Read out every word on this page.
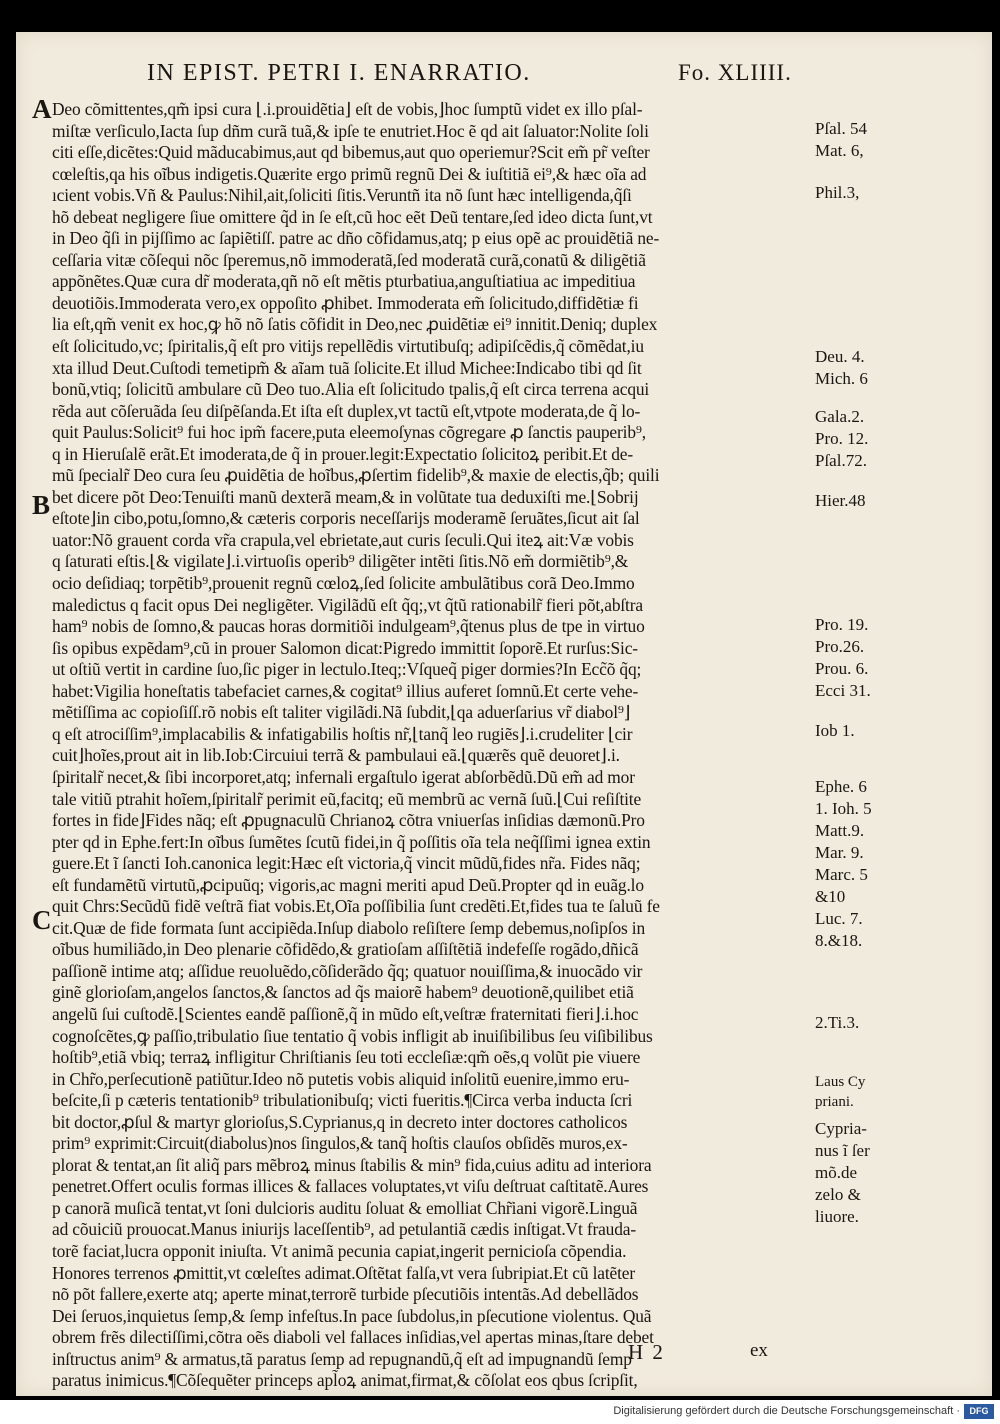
IN EPIST. PETRI I. ENARRATIO.	Fo. XLIIII.
A
B
C
Deo cõmittentes,qm̃ ipsi cura ⌊.i.prouidẽtia⌋ eſt de vobis,⌋hoc ſumptũ videt ex illo pſal-
miſtæ verſiculo,Iacta ſup dñm curã tuã,& ipſe te enutriet.Hoc ẽ qd ait ſaluator:Nolite ſoli
citi eſſe,dicẽtes:Quid mãducabimus,aut qd bibemus,aut quo operiemur?Scit em̃ pr̃ veſter
cœleſtis,qa his oĩbus indigetis.Quærite ergo primũ regnũ Dei & iuſtitiã ei⁹,& hæc oĩa ad
ıcient vobis.Vñ & Paulus:Nihil,ait,ſoliciti ſitis.Veruntñ ita nõ ſunt hæc intelligenda,q̃ſi
hõ debeat negligere ſiue omittere q̃d in ſe eſt,cũ hoc eẽt Deũ tentare,ſed ideo dicta ſunt,vt
in Deo q̃ſi in pijſſimo ac ſapiẽtiſſ. patre ac dño cõfidamus,atq; p eius opẽ ac prouidẽtiã ne-
ceſſaria vitæ cõſequi nõc ſperemus,nõ immoderatã,ſed moderatã curã,conatũ & diligẽtiã
appõnẽtes.Quæ cura dr̃ moderata,qñ nõ eſt mẽtis pturbatiua,anguſtiatiua ac impeditiua
deuotiõis.Immoderata vero,ex oppoſito ꝓhibet. Immoderata em̃ ſolicitudo,diffidẽtiæ fi
lia eſt,qm̃ venit ex hoc,ꝙ hõ nõ ſatis cõfidit in Deo,nec ꝓuidẽtiæ ei⁹ innitit.Deniq; duplex
eſt ſolicitudo,vc; ſpiritalis,q̃ eſt pro vitijs repellẽdis virtutibuſq; adipiſcẽdis,q̃ cõmẽdat,iu
xta illud Deut.Cuſtodi temetipm̃ & aĩam tuã ſolicite.Et illud Michee:Indicabo tibi qd ſit
bonũ,vtiq; ſolicitũ ambulare cũ Deo tuo.Alia eſt ſolicitudo tpalis,q̃ eſt circa terrena acqui
rẽda aut cõſeruãda ſeu diſpẽſanda.Et iſta eſt duplex,vt tactũ eſt,vtpote moderata,de q̃ lo-
quit Paulus:Solicit⁹ fui hoc ipm̃ facere,puta eleemoſynas cõgregare ꝓ ſanctis pauperib⁹,
q in Hieruſalẽ erãt.Et imoderata,de q̃ in prouer.legit:Expectatio ſolicitoꝝ peribit.Et de-
mũ ſpecialr̃ Deo cura ſeu ꝓuidẽtia de hoĩbus,ꝓſertim fidelib⁹,& maxie de electis,q̃b; quili
bet dicere põt Deo:Tenuiſti manũ dexterã meam,& in volũtate tua deduxiſti me.⌊Sobrij
eſtote⌋in cibo,potu,ſomno,& cæteris corporis neceſſarijs moderamẽ ſeruãtes,ſicut ait ſal
uator:Nõ grauent corda vr̃a crapula,vel ebrietate,aut curis ſeculi.Qui iteꝝ ait:Væ vobis
q ſaturati eſtis.⌊& vigilate⌋.i.virtuoſis operib⁹ diligẽter intẽti ſitis.Nõ em̃ dormiẽtib⁹,&
ocio deſidiaq; torpẽtib⁹,prouenit regnũ cœloꝝ,ſed ſolicite ambulãtibus corã Deo.Immo
maledictus q facit opus Dei negligẽter. Vigilãdũ eſt q̃q;,vt q̃tũ rationabilr̃ fieri põt,abſtra
ham⁹ nobis de ſomno,& paucas horas dormitiõi indulgeam⁹,q̃tenus plus de tpe in virtuo
ſis opibus expẽdam⁹,cũ in prouer Salomon dicat:Pigredo immittit ſoporẽ.Et rurſus:Sic-
ut oſtiũ vertit in cardine ſuo,ſic piger in lectulo.Iteq;:Vſqueq̃ piger dormies?In Ecc̃õ q̃q;
habet:Vigilia honeſtatis tabefaciet carnes,& cogitat⁹ illius auferet ſomnũ.Et certe vehe-
mẽtiſſima ac copioſiſſ.rõ nobis eſt taliter vigilãdi.Nã ſubdit,⌊qa aduerſarius vr̃ diabol⁹⌋
q eſt atrociſſim⁹,implacabilis & infatigabilis hoſtis nr̃,⌊tanq̃ leo rugiẽs⌋.i.crudeliter ⌊cir
cuit⌋hoĩes,prout ait in lib.Iob:Circuiui terrã & pambulaui eã.⌊quærẽs quẽ deuoret⌋.i.
ſpiritalr̃ necet,& ſibi incorporet,atq; infernali ergaſtulo igerat abſorbẽdũ.Dũ em̃ ad mor
tale vitiũ ptrahit hoĩem,ſpiritalr̃ perimit eũ,facitq; eũ membrũ ac vernã ſuũ.⌊Cui reſiſtite
fortes in fide⌋Fides nãq; eſt ꝓpugnaculũ Chrianoꝝ cõtra vniuerſas inſidias dæmonũ.Pro
pter qd in Ephe.fert:In oĩbus ſumẽtes ſcutũ fidei,in q̃ poſſitis oĩa tela neq̃ſſimi ignea extin
guere.Et ĩ ſancti Ioh.canonica legit:Hæc eſt victoria,q̃ vincit mũdũ,fides nr̃a. Fides nãq;
eſt fundamẽtũ virtutũ,ꝓcipuũq; vigoris,ac magni meriti apud Deũ.Propter qd in euãg.lo
quit Chrs:Secũdũ fidẽ veſtrã fiat vobis.Et,Oĩa poſſibilia ſunt credẽti.Et,fides tua te ſaluũ fe
cit.Quæ de fide formata ſunt accipiẽda.Inſup diabolo reſiſtere ſemp debemus,noſipſos in
oĩbus humiliãdo,in Deo plenarie cõfidẽdo,& gratioſam aſſiſtẽtiã indefeſſe rogãdo,dñicã
paſſionẽ intime atq; aſſidue reuoluẽdo,cõſiderãdo q̃q; quatuor nouiſſima,& inuocãdo vir
ginẽ glorioſam,angelos ſanctos,& ſanctos ad q̃s maiorẽ habem⁹ deuotionẽ,quilibet etiã
angelũ ſui cuſtodẽ.⌊Scientes eandẽ paſſionẽ,q̃ in mũdo eſt,veſtræ fraternitati fieri⌋.i.hoc
cognoſcẽtes,ꝙ paſſio,tribulatio ſiue tentatio q̃ vobis infligit ab inuiſibilibus ſeu viſibilibus
hoſtib⁹,etiã vbiq; terraꝝ infligitur Chriſtianis ſeu toti eccleſiæ:qm̃ oẽs,q volũt pie viuere
in Chr̃o,perſecutionẽ patiũtur.Ideo nõ putetis vobis aliquid inſolitũ euenire,immo eru-
beſcite,ſi p cæteris tentationib⁹ tribulationibuſq; victi fueritis.¶Circa verba inducta ſcri
bit doctor,ꝓſul & martyr glorioſus,S.Cyprianus,q in decreto inter doctores catholicos
prim⁹ exprimit:Circuit(diabolus)nos ſingulos,& tanq̃ hoſtis clauſos obſidẽs muros,ex-
plorat & tentat,an ſit aliq̃ pars mẽbroꝝ minus ſtabilis & min⁹ fida,cuius aditu ad interiora
penetret.Offert oculis formas illices & fallaces voluptates,vt viſu deſtruat caſtitatẽ.Aures
p canorã muſicã tentat,vt ſoni dulcioris auditu ſoluat & emolliat Chr̃iani vigorẽ.Linguã
ad cõuiciũ prouocat.Manus iniurijs laceſſentib⁹, ad petulantiã cædis inſtigat.Vt frauda-
torẽ faciat,lucra opponit iniuſta. Vt animã pecunia capiat,ingerit pernicioſa cõpendia.
Honores terrenos ꝓmittit,vt cœleſtes adimat.Oſtẽtat falſa,vt vera ſubripiat.Et cũ latẽter
nõ põt fallere,exerte atq; aperte minat,terrorẽ turbide pſecutiõis intentãs.Ad debellãdos
Dei ſeruos,inquietus ſemp,& ſemp infeſtus.In pace ſubdolus,in pſecutione violentus. Quã
obrem frẽs dilectiſſimi,cõtra oẽs diaboli vel fallaces inſidias,vel apertas minas,ſtare debet
inſtructus anim⁹ & armatus,tã paratus ſemp ad repugnandũ,q̃ eſt ad impugnandũ ſemp
paratus inimicus.¶Cõſequẽter princeps apl̃oꝝ animat,firmat,& cõſolat eos qbus ſcripſit,
Pſal. 54
Mat. 6,
Phil.3,
Deu. 4.
Mich. 6
Gala.2.
Pro. 12.
Pſal.72.
Hier.48
Pro. 19.
Pro.26.
Prou. 6.
Ecci 31.
Iob 1.
Ephe. 6
1. Ioh. 5
Matt.9.
Mar. 9.
Marc. 5
&10
Luc. 7.
8.&18.
2.Ti.3.
Laus Cy
priani.
Cypria-
nus ĩ ſer
mõ.de
zelo &
liuore.
H 2	ex
Digitalisierung gefördert durch die Deutsche Forschungsgemeinschaft ·	DFG
